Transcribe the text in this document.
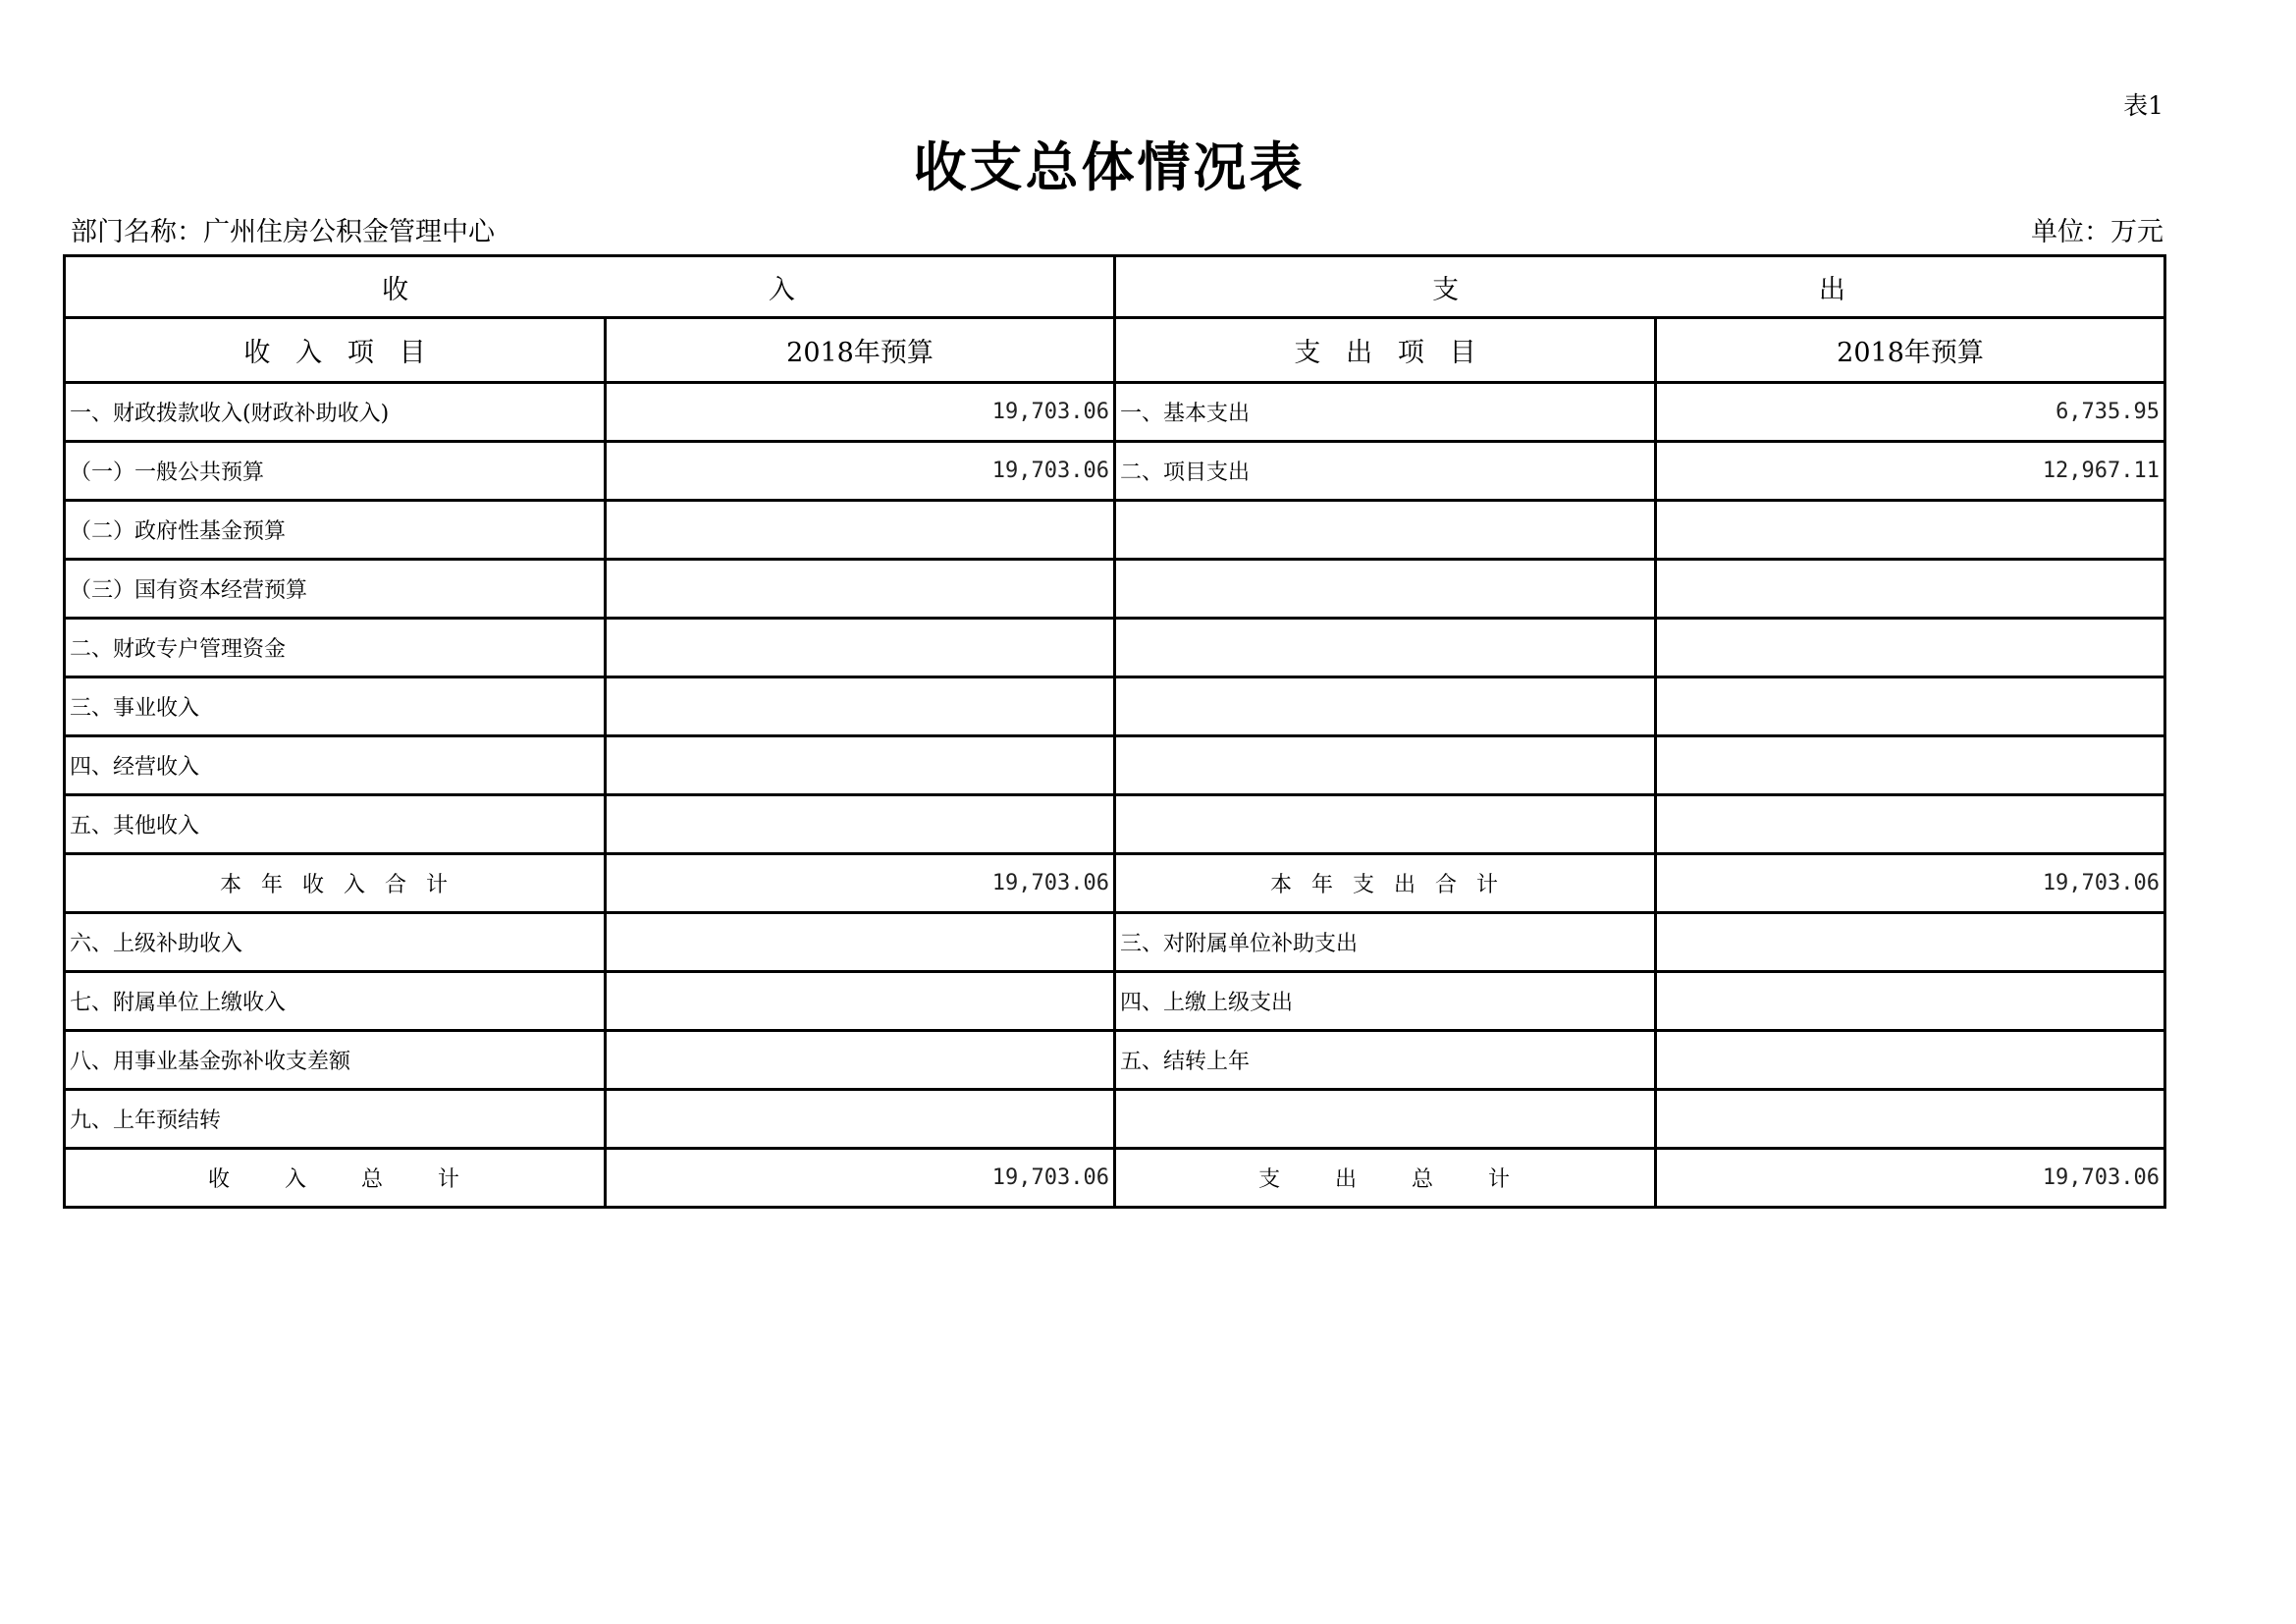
表1
收支总体情况表
部门名称：广州住房公积金管理中心	单位：万元
收                      入		支                      出	
收   入   项   目	2018年预算	支   出   项   目	2018年预算
一、财政拨款收入(财政补助收入)	19,703.06	一、基本支出	6,735.95
（一）一般公共预算	19,703.06	二、项目支出	12,967.11
（二）政府性基金预算			
（三）国有资本经营预算			
二、财政专户管理资金			
三、事业收入			
四、经营收入			
五、其他收入			
本  年  收  入  合  计	19,703.06	本  年  支  出  合  计	19,703.06
六、上级补助收入		三、对附属单位补助支出	
七、附属单位上缴收入		四、上缴上级支出	
八、用事业基金弥补收支差额		五、结转上年	
九、上年预结转			
收      入      总      计	19,703.06	支      出      总      计	19,703.06
